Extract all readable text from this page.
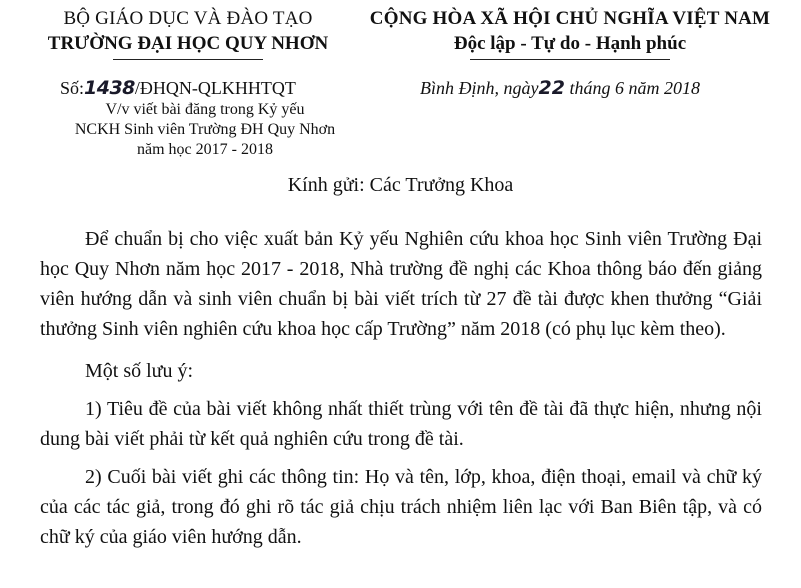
BỘ GIÁO DỤC VÀ ĐÀO TẠO
TRƯỜNG ĐẠI HỌC QUY NHƠN
CỘNG HÒA XÃ HỘI CHỦ NGHĨA VIỆT NAM
Độc lập - Tự do - Hạnh phúc
Số:1438/ĐHQN-QLKHHTQT
V/v viết bài đăng trong Kỷ yếu
NCKH Sinh viên Trường ĐH Quy Nhơn
năm học 2017 - 2018
Bình Định, ngày22 tháng 6 năm 2018
Kính gửi: Các Trưởng Khoa

Để chuẩn bị cho việc xuất bản Kỷ yếu Nghiên cứu khoa học Sinh viên Trường Đại học Quy Nhơn năm học 2017 - 2018, Nhà trường đề nghị các Khoa thông báo đến giảng viên hướng dẫn và sinh viên chuẩn bị bài viết trích từ 27 đề tài được khen thưởng “Giải thưởng Sinh viên nghiên cứu khoa học cấp Trường” năm 2018 (có phụ lục kèm theo).

Một số lưu ý:

1) Tiêu đề của bài viết không nhất thiết trùng với tên đề tài đã thực hiện, nhưng nội dung bài viết phải từ kết quả nghiên cứu trong đề tài.

2) Cuối bài viết ghi các thông tin: Họ và tên, lớp, khoa, điện thoại, email và chữ ký của các tác giả, trong đó ghi rõ tác giả chịu trách nhiệm liên lạc với Ban Biên tập, và có chữ ký của giáo viên hướng dẫn.
